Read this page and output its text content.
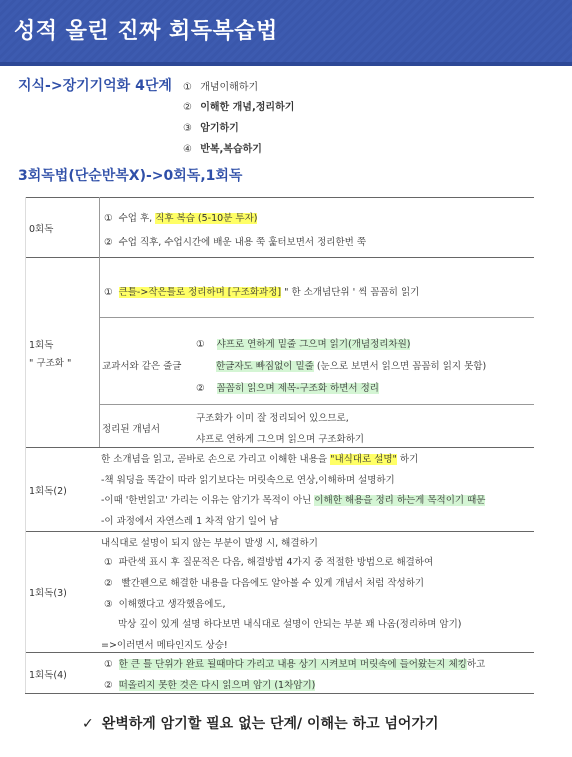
성적 올린 진짜 회독복습법
지식->장기기억화 4단계 ① 개념이해하기
② 이해한 개념,정리하기
③ 암기하기
④ 반복,복습하기
3회독법(단순반복X)->0회독,1회독
0회독
① 수업 후, 직후 복습 (5-10분 투자)
② 수업 직후, 수업시간에 배운 내용 쭉 훑터보면서 정리한번 쭉
1회독
" 구조화 "
① 큰틀->작은틀로 정리하며 [구조화과정] " 한 소개념단위 ' 씩 꼼꼼히 읽기
교과서와 같은 줄글
① 샤프로 연하게 밑줄 그으며 읽기(개념정리차원)
한글자도 빠짐없이 밑줄 (눈으로 보면서 읽으면 꼼꼼히 읽지 못함)
② 꼼꼼히 읽으며 제목-구조화 하면서 정리
정리된 개념서
구조화가 이미 잘 정리되어 있으므로,
샤프로 연하게 그으며 읽으며 구조화하기
1회독(2)
한 소개념을 읽고, 곧바로 손으로 가리고 이해한 내용을 "내식대로 설명" 하기
-책 워딩을 똑같이 따라 읽기보다는 머릿속으로 연상,이해하며 설명하기
-이때 '한번읽고' 가리는 이유는 암기가 목적이 아닌 이해한 해용을 정리 하는게 목적이기 때문
-이 과정에서 자연스레 1 차적 암기 일어 남
1회독(3)
내식대로 설명이 되지 않는 부분이 발생 시, 해결하기
① 파란색 표시 후 질문적은 다음, 해결방법 4가지 중 적절한 방법으로 해결하여
② 빨간펜으로 해결한 내용을 다음에도 알아볼 수 있게 개념서 처럼 작성하기
③ 이해했다고 생각했음에도,
막상 깊이 있게 설명 하다보면 내식대로 설명이 안되는 부분 꽤 나옴(정리하며 암기)
=>이러면서 메타인지도 상승!
1회독(4)
① 한 큰 틀 단위가 완료 될때마다 가리고 내용 상기 시켜보며 머릿속에 들어왔는지 체킹하고
② 떠올리지 못한 것은 다시 읽으며 암기 (1차암기)
✓ 완벽하게 암기할 필요 없는 단계/ 이해는 하고 넘어가기
